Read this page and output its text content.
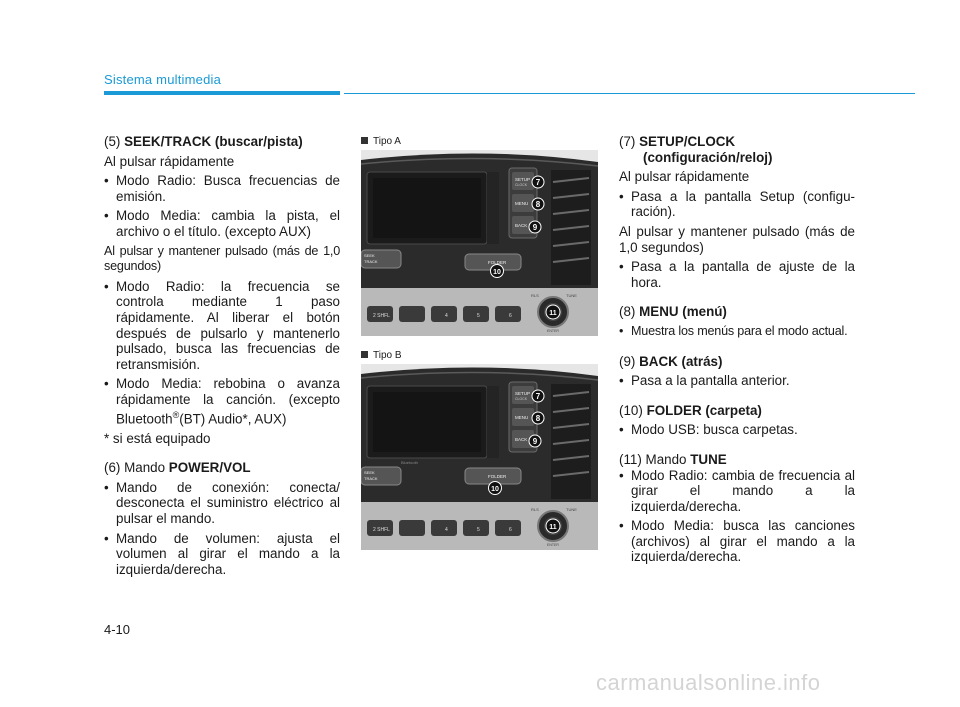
Sistema multimedia

(5) SEEK/TRACK (buscar/pista)

Al pulsar rápidamente

• Modo Radio: Busca frecuencias de emisión.

• Modo Media: cambia la pista, el archivo o el título. (excepto AUX)

Al pulsar y mantener pulsado (más de 1,0 segundos)

• Modo Radio: la frecuencia se controla mediante 1 paso rápidamente. Al liberar el botón después de pulsarlo y mantenerlo pulsado, busca las frecuencias de retransmisión.

• Modo Media: rebobina o avanza rápidamente la canción. (excepto Bluetooth®(BT) Audio*, AUX)

* si está equipado

(6) Mando POWER/VOL

• Mando de conexión: conecta/ desconecta el suministro eléctrico al pulsar el mando.

• Mando de volumen: ajusta el volumen al girar el mando a la izquierda/derecha.

Tipo A
SETUP
CLOCK
MENU
BACK
SEEK
TRACK	FOLDER
2 SHFL	4	5	6
RLS	TUNE
ENTER
7
8
9
10
11
Tipo B
SETUP
CLOCK
MENU
BACK
Bluetooth
SEEK
TRACK	FOLDER
2 SHFL	4	5	6
RLS	TUNE
ENTER
7
8
9
10
11

(7) SETUP/CLOCK

(configuración/reloj)

Al pulsar rápidamente

• Pasa a la pantalla Setup (configu-ración).

Al pulsar y mantener pulsado (más de 1,0 segundos)

• Pasa a la pantalla de ajuste de la hora.

(8) MENU (menú)

• Muestra los menús para el modo actual.

(9) BACK (atrás)

• Pasa a la pantalla anterior.

(10) FOLDER (carpeta)

• Modo USB: busca carpetas.

(11) Mando TUNE

• Modo Radio: cambia de frecuencia al girar el mando a la izquierda/derecha.

• Modo Media: busca las canciones (archivos) al girar el mando a la izquierda/derecha.

4-10
carmanualsonline.info
